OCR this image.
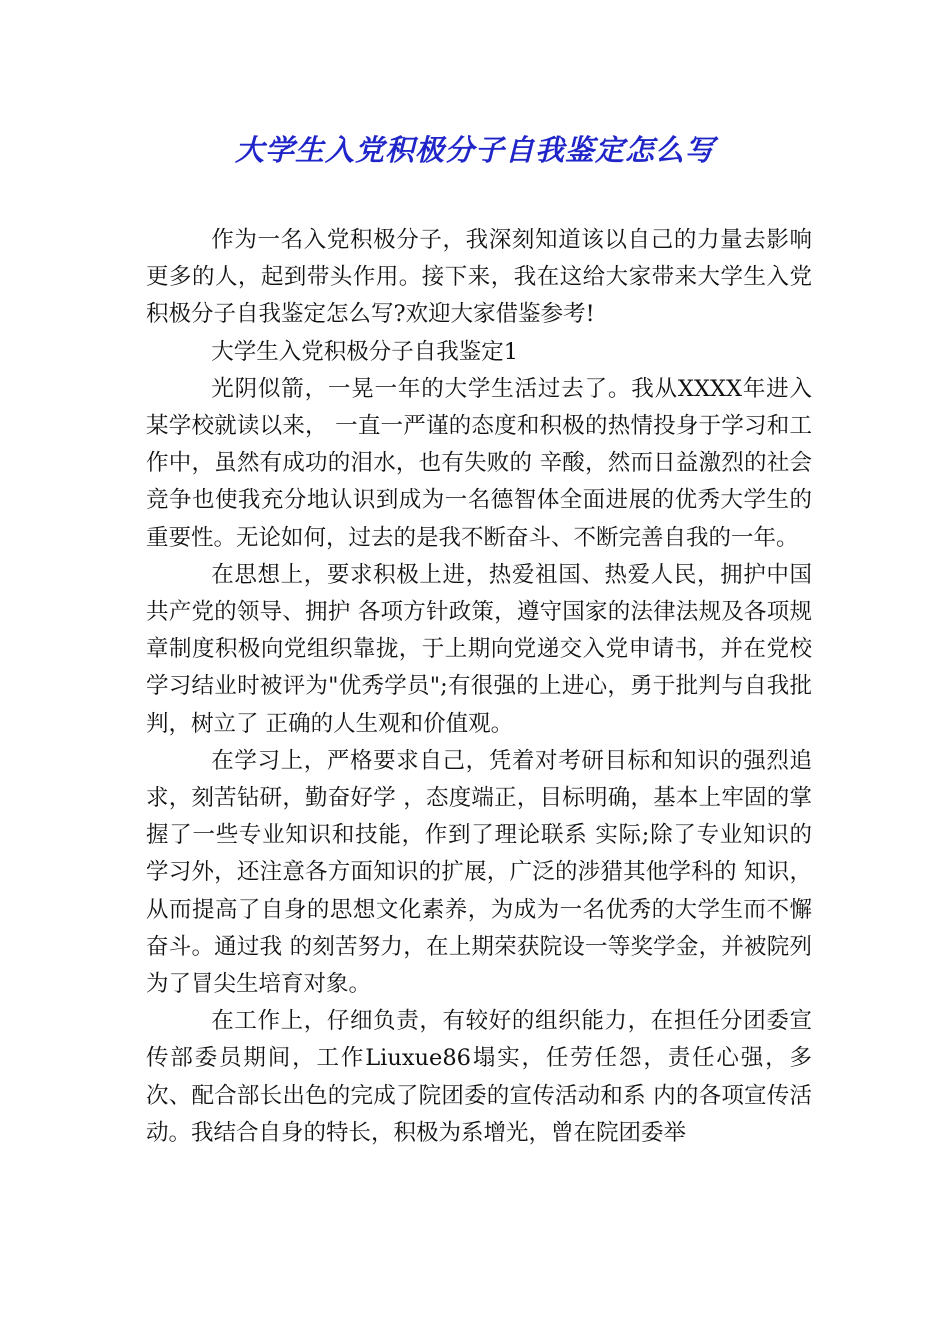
大学生入党积极分子自我鉴定怎么写

作为一名入党积极分子，我深刻知道该以自己的力量去影响更多的人，起到带头作用。接下来，我在这给大家带来大学生入党积极分子自我鉴定怎么写?欢迎大家借鉴参考!

大学生入党积极分子自我鉴定1

光阴似箭，一晃一年的大学生活过去了。我从XXXX年进入某学校就读以来， 一直一严谨的态度和积极的热情投身于学习和工作中，虽然有成功的泪水，也有失败的 辛酸，然而日益激烈的社会竞争也使我充分地认识到成为一名德智体全面进展的优秀大学生的重要性。无论如何，过去的是我不断奋斗、不断完善自我的一年。

在思想上，要求积极上进，热爱祖国、热爱人民，拥护中国共产党的领导、拥护 各项方针政策，遵守国家的法律法规及各项规章制度积极向党组织靠拢，于上期向党递交入党申请书，并在党校学习结业时被评为"优秀学员";有很强的上进心，勇于批判与自我批判，树立了 正确的人生观和价值观。

在学习上，严格要求自己，凭着对考研目标和知识的强烈追求，刻苦钻研，勤奋好学 ，态度端正，目标明确，基本上牢固的掌握了一些专业知识和技能，作到了理论联系 实际;除了专业知识的学习外，还注意各方面知识的扩展，广泛的涉猎其他学科的 知识，从而提高了自身的思想文化素养，为成为一名优秀的大学生而不懈奋斗。通过我 的刻苦努力，在上期荣获院设一等奖学金，并被院列为了冒尖生培育对象。

在工作上，仔细负责，有较好的组织能力，在担任分团委宣传部委员期间，工作Liuxue86塌实，任劳任怨，责任心强，多次、配合部长出色的完成了院团委的宣传活动和系 内的各项宣传活动。我结合自身的特长，积极为系增光，曾在院团委举
